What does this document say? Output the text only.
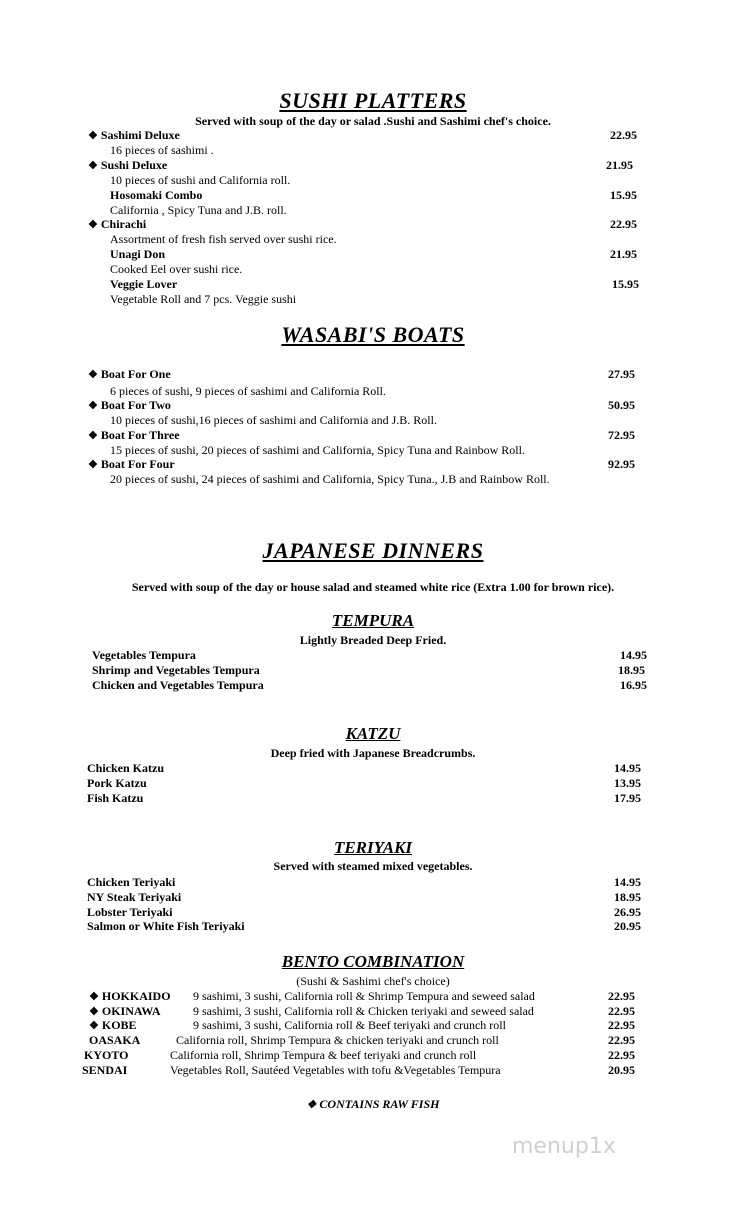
SUSHI PLATTERS
Served with soup of the day or salad .Sushi and Sashimi chef's choice.
❖ Sashimi Deluxe	22.95
16 pieces of sashimi .
❖ Sushi Deluxe	21.95
10 pieces of sushi and California roll.
Hosomaki Combo	15.95
California , Spicy Tuna and J.B. roll.
❖ Chirachi	22.95
Assortment of fresh fish served over sushi rice.
Unagi Don	21.95
Cooked Eel over sushi rice.
Veggie Lover	15.95
Vegetable Roll and 7 pcs. Veggie sushi
WASABI'S BOATS
❖ Boat For One	27.95
6 pieces of sushi, 9 pieces of sashimi and California Roll.
❖ Boat For Two	50.95
10 pieces of sushi,16 pieces of sashimi and California and J.B. Roll.
❖ Boat For Three	72.95
15 pieces of sushi, 20 pieces of sashimi and California, Spicy Tuna and Rainbow Roll.
❖ Boat For Four	92.95
20 pieces of sushi, 24 pieces of sashimi and California, Spicy Tuna., J.B and Rainbow Roll.
JAPANESE DINNERS
Served with soup of the day or house salad and steamed white rice (Extra 1.00 for brown rice).
TEMPURA
Lightly Breaded Deep Fried.
Vegetables Tempura	14.95
Shrimp and Vegetables Tempura	18.95
Chicken and Vegetables Tempura	16.95
KATZU
Deep fried with Japanese Breadcrumbs.
Chicken Katzu	14.95
Pork Katzu	13.95
Fish Katzu	17.95
TERIYAKI
Served with steamed mixed vegetables.
Chicken Teriyaki	14.95
NY Steak Teriyaki	18.95
Lobster Teriyaki	26.95
Salmon or White Fish Teriyaki	20.95
BENTO COMBINATION
(Sushi & Sashimi chef's choice)
❖ HOKKAIDO 9 sashimi, 3 sushi, California roll & Shrimp Tempura and seweed salad	22.95
❖ OKINAWA	9 sashimi, 3 sushi, California roll & Chicken teriyaki and seweed salad	22.95
❖ KOBE	9 sashimi, 3 sushi, California roll & Beef teriyaki and crunch roll	22.95
OASAKA	California roll, Shrimp Tempura & chicken teriyaki and crunch roll	22.95
KYOTO	California roll, Shrimp Tempura & beef teriyaki and crunch roll	22.95
SENDAI	Vegetables Roll, Sautéed Vegetables with tofu &Vegetables Tempura	20.95
❖ CONTAINS RAW FISH
menup1x
